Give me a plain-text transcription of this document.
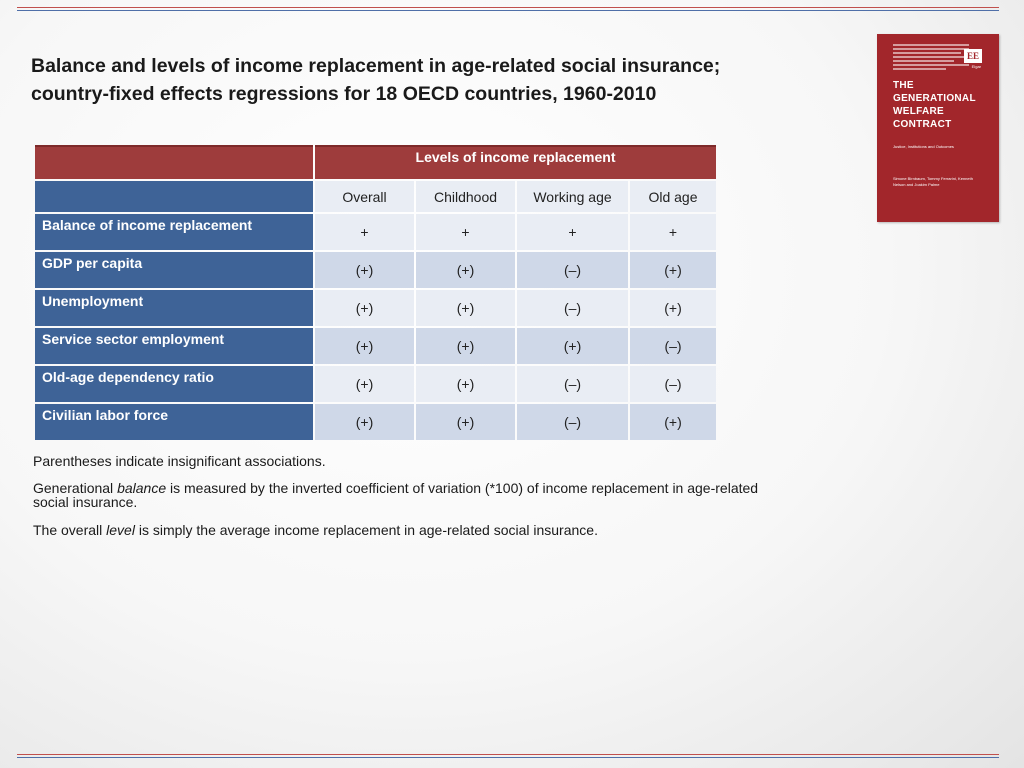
Balance and levels of income replacement in age-related social insurance;
country-fixed effects regressions for 18 OECD countries, 1960-2010
EE
Elgar
THE GENERATIONAL WELFARE CONTRACT
Justice, Institutions and Outcomes
Simone Birnbaum, Tommy Ferrarini, Kenneth Nelson and Joakim Palme
	Levels of income replacement			
	Overall	Childhood	Working age	Old age
Balance of income replacement	+	+	+	+
GDP per capita	(+)	(+)	(–)	(+)
Unemployment	(+)	(+)	(–)	(+)
Service sector employment	(+)	(+)	(+)	(–)
Old-age dependency ratio	(+)	(+)	(–)	(–)
Civilian labor force	(+)	(+)	(–)	(+)

Parentheses indicate insignificant associations.

Generational balance is measured by the inverted coefficient of variation (*100) of income replacement in age-related social insurance.

The overall level is simply the average income replacement in age-related social insurance.
